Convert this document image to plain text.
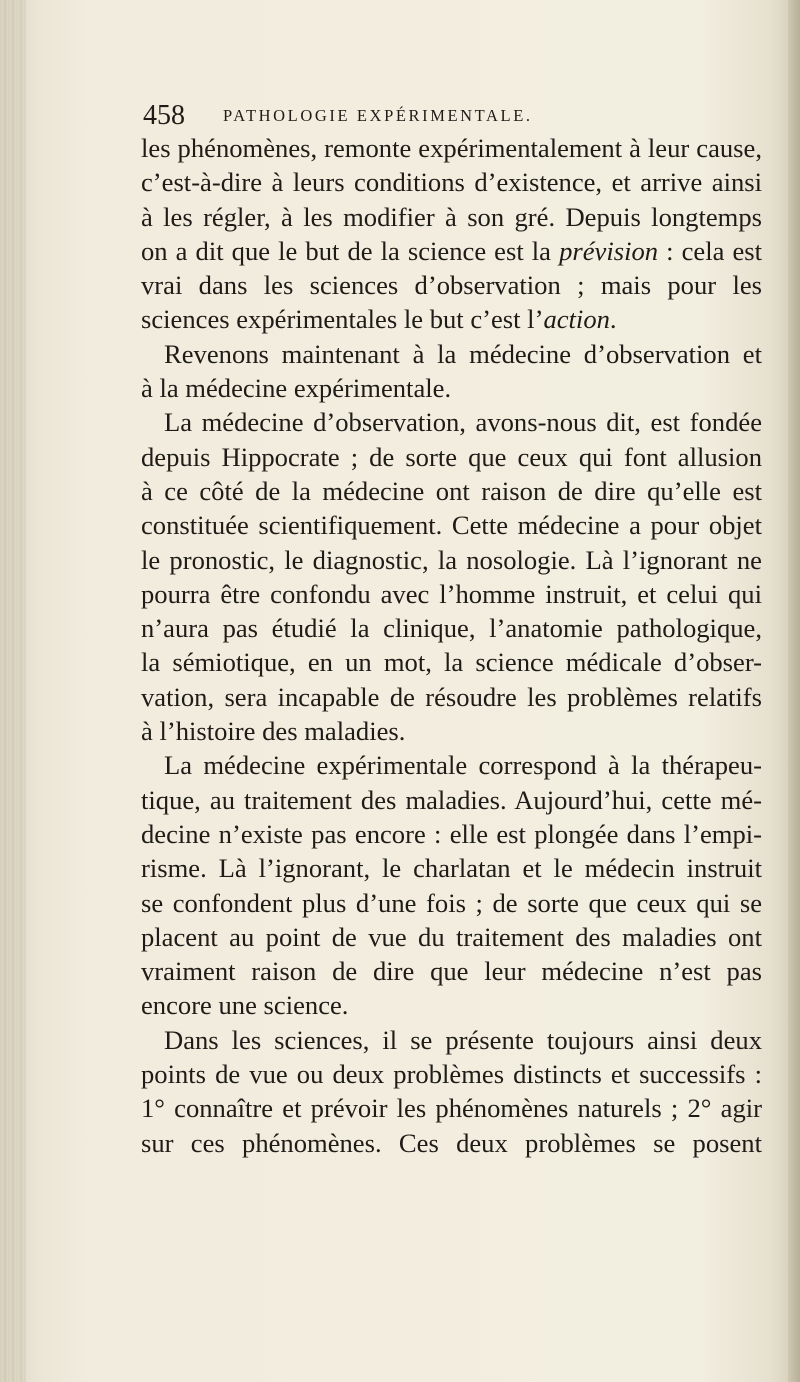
458 PATHOLOGIE EXPÉRIMENTALE.
les phénomènes, remonte expérimentalement à leur cause,
c’est-à-dire à leurs conditions d’existence, et arrive ainsi
à les régler, à les modifier à son gré. Depuis longtemps
on a dit que le but de la science est la prévision : cela est
vrai dans les sciences d’observation ; mais pour les
sciences expérimentales le but c’est l’action.
Revenons maintenant à la médecine d’observation et
à la médecine expérimentale.
La médecine d’observation, avons-nous dit, est fondée
depuis Hippocrate ; de sorte que ceux qui font allusion
à ce côté de la médecine ont raison de dire qu’elle est
constituée scientifiquement. Cette médecine a pour objet
le pronostic, le diagnostic, la nosologie. Là l’ignorant ne
pourra être confondu avec l’homme instruit, et celui qui
n’aura pas étudié la clinique, l’anatomie pathologique,
la sémiotique, en un mot, la science médicale d’obser-
vation, sera incapable de résoudre les problèmes relatifs
à l’histoire des maladies.
La médecine expérimentale correspond à la thérapeu-
tique, au traitement des maladies. Aujourd’hui, cette mé-
decine n’existe pas encore : elle est plongée dans l’empi-
risme. Là l’ignorant, le charlatan et le médecin instruit
se confondent plus d’une fois ; de sorte que ceux qui se
placent au point de vue du traitement des maladies ont
vraiment raison de dire que leur médecine n’est pas
encore une science.
Dans les sciences, il se présente toujours ainsi deux
points de vue ou deux problèmes distincts et successifs :
1° connaître et prévoir les phénomènes naturels ; 2° agir
sur ces phénomènes. Ces deux problèmes se posent
